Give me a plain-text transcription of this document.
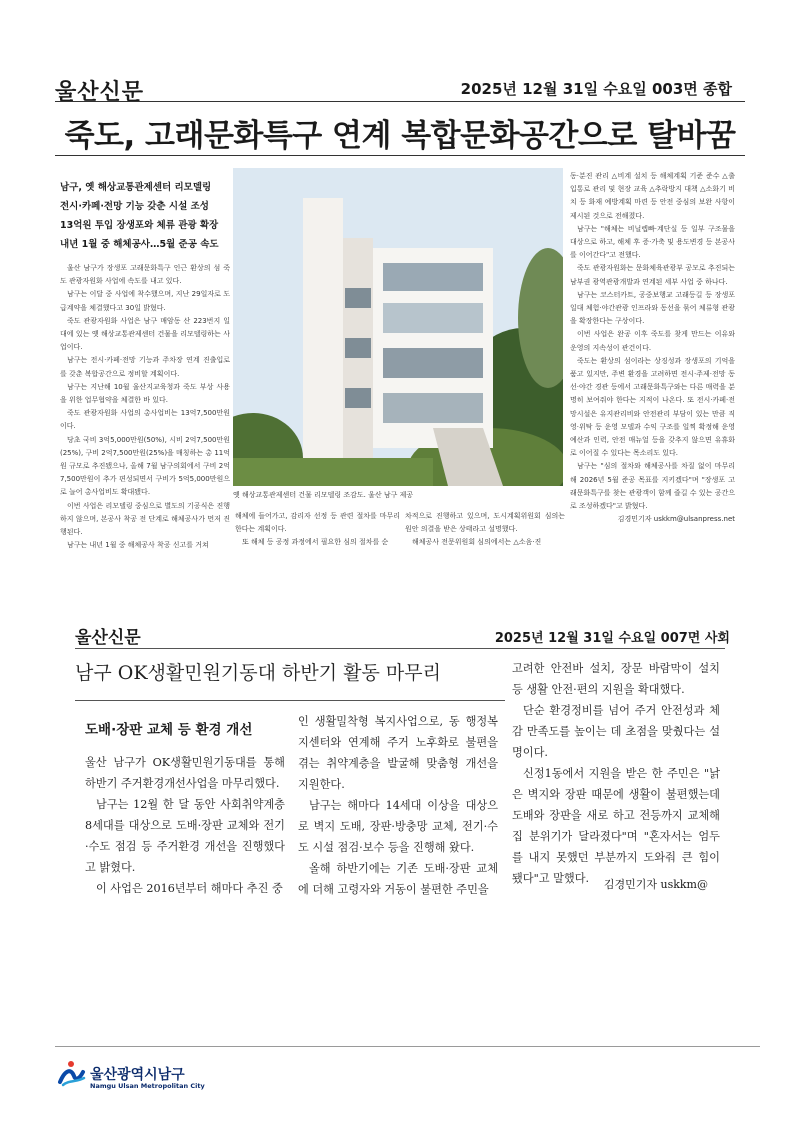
울산신문	2025년 12월 31일 수요일 003면 종합
죽도, 고래문화특구 연계 복합문화공간으로 탈바꿈
남구, 옛 해상교통관제센터 리모델링
전시·카페·전망 기능 갖춘 시설 조성
13억원 투입 장생포와 체류 관광 확장
내년 1월 중 해체공사…5월 준공 속도

울산 남구가 장생포 고래문화특구 인근 환상의 섬 죽도 관광자원화 사업에 속도를 내고 있다.

남구는 이달 중 사업에 착수했으며, 지난 29일자로 도급계약을 체결했다고 30일 밝혔다.

죽도 관광자원화 사업은 남구 매암동 산 223번지 일대에 있는 옛 해상교통관제센터 건물을 리모델링하는 사업이다.

남구는 전시·카페·전망 기능과 주차장 연계 진출입로를 갖춘 복합공간으로 정비할 계획이다.

남구는 지난해 10월 울산지교육청과 죽도 부상 사용을 위한 업무협약을 체결한 바 있다.

죽도 관광자원화 사업의 총사업비는 13억7,500만원이다.

당초 국비 3억5,000만원(50%), 시비 2억7,500만원(25%), 구비 2억7,500만원(25%)을 매칭하는 총 11억원 규모로 추진됐으나, 올해 7월 남구의회에서 구비 2억7,500만원이 추가 편성되면서 구비가 5억5,000만원으로 늘어 총사업비도 확대됐다.

이번 사업은 리모델링 중심으로 별도의 기공식은 진행하지 않으며, 본공사 착공 전 단계로 해체공사가 먼저 진행된다.

남구는 내년 1월 중 해체공사 착공 신고를 거쳐

옛 해상교통관제센터 건물 리모델링 조감도. 울산 남구 제공

해체에 들어가고, 감리자 선정 등 관련 절차를 마무리한다는 계획이다.

또 해체 등 공정 과정에서 필요한 심의 절차를 순

차적으로 진행하고 있으며, 도시계획위원회 심의는 원안 의결을 받은 상태라고 설명했다.

해체공사 전문위원회 심의에서는 △소음·진

동·분진 관리 △비계 설치 등 해체계획 기준 준수 △출입통로 관리 및 현장 교육 △추락방지 대책 △소화기 비치 등 화재 예방계획 마련 등 안전 중심의 보완 사항이 제시된 것으로 전해졌다.

남구는 "해체는 비닐렙빠·계단실 등 일부 구조물을 대상으로 하고, 해체 후 증·가축 및 용도변경 등 본공사를 이어간다"고 전했다.

죽도 관광자원화는 문화체육관광부 공모로 추진되는 남부권 광역관광개발과 연계된 세부 사업 중 하나다.

남구는 코스터카트, 공중보행교 고래등길 등 장생포 일대 체험·야간관광 인프라와 동선을 묶어 체류형 관광을 확장한다는 구상이다.

이번 사업은 완공 이후 죽도를 찾게 만드는 이유와 운영의 지속성이 관건이다.

죽도는 환상의 섬이라는 상징성과 장생포의 기억을 품고 있지만, 주변 환경을 고려하면 전시·주제·전망 동선·야간 경관 등에서 고래문화특구와는 다른 매력을 분명히 보여줘야 한다는 지적이 나온다. 또 전시·카페·전망시설은 유지관리비와 안전관리 부담이 있는 만큼 직영·위탁 등 운영 모델과 수익 구조를 일찍 확정해 운영예산과 인력, 안전 매뉴얼 등을 갖추지 않으면 유휴화로 이어질 수 있다는 목소리도 있다.

남구는 "심의 절차와 해체공사를 차질 없이 마무리해 2026년 5월 준공 목표를 지키겠다"며 "장생포 고래문화특구를 찾는 관광객이 함께 즐길 수 있는 공간으로 조성하겠다"고 밝혔다.

김경민기자 uskkm@ulsanpress.net
울산신문	2025년 12월 31일 수요일 007면 사회
남구 OK생활민원기동대 하반기 활동 마무리
도배·장판 교체 등 환경 개선

울산 남구가 OK생활민원기동대를 통해 하반기 주거환경개선사업을 마무리했다.

남구는 12월 한 달 동안 사회취약계층 8세대를 대상으로 도배·장판 교체와 전기·수도 점검 등 주거환경 개선을 진행했다고 밝혔다.

이 사업은 2016년부터 해마다 추진 중

인 생활밀착형 복지사업으로, 동 행정복지센터와 연계해 주거 노후화로 불편을 겪는 취약계층을 발굴해 맞춤형 개선을 지원한다.

남구는 해마다 14세대 이상을 대상으로 벽지 도배, 장판·방충망 교체, 전기·수도 시설 점검·보수 등을 진행해 왔다.

올해 하반기에는 기존 도배·장판 교체에 더해 고령자와 거동이 불편한 주민을

고려한 안전바 설치, 장문 바람막이 설치 등 생활 안전·편의 지원을 확대했다.

단순 환경정비를 넘어 주거 안전성과 체감 만족도를 높이는 데 초점을 맞췄다는 설명이다.

신정1동에서 지원을 받은 한 주민은 "낡은 벽지와 장판 때문에 생활이 불편했는데 도배와 장판을 새로 하고 전등까지 교체해 집 분위기가 달라졌다"며 "혼자서는 엄두를 내지 못했던 부분까지 도와줘 큰 힘이 됐다"고 말했다.	김경민기자 uskkm@
울산광역시남구
Namgu Ulsan Metropolitan City
